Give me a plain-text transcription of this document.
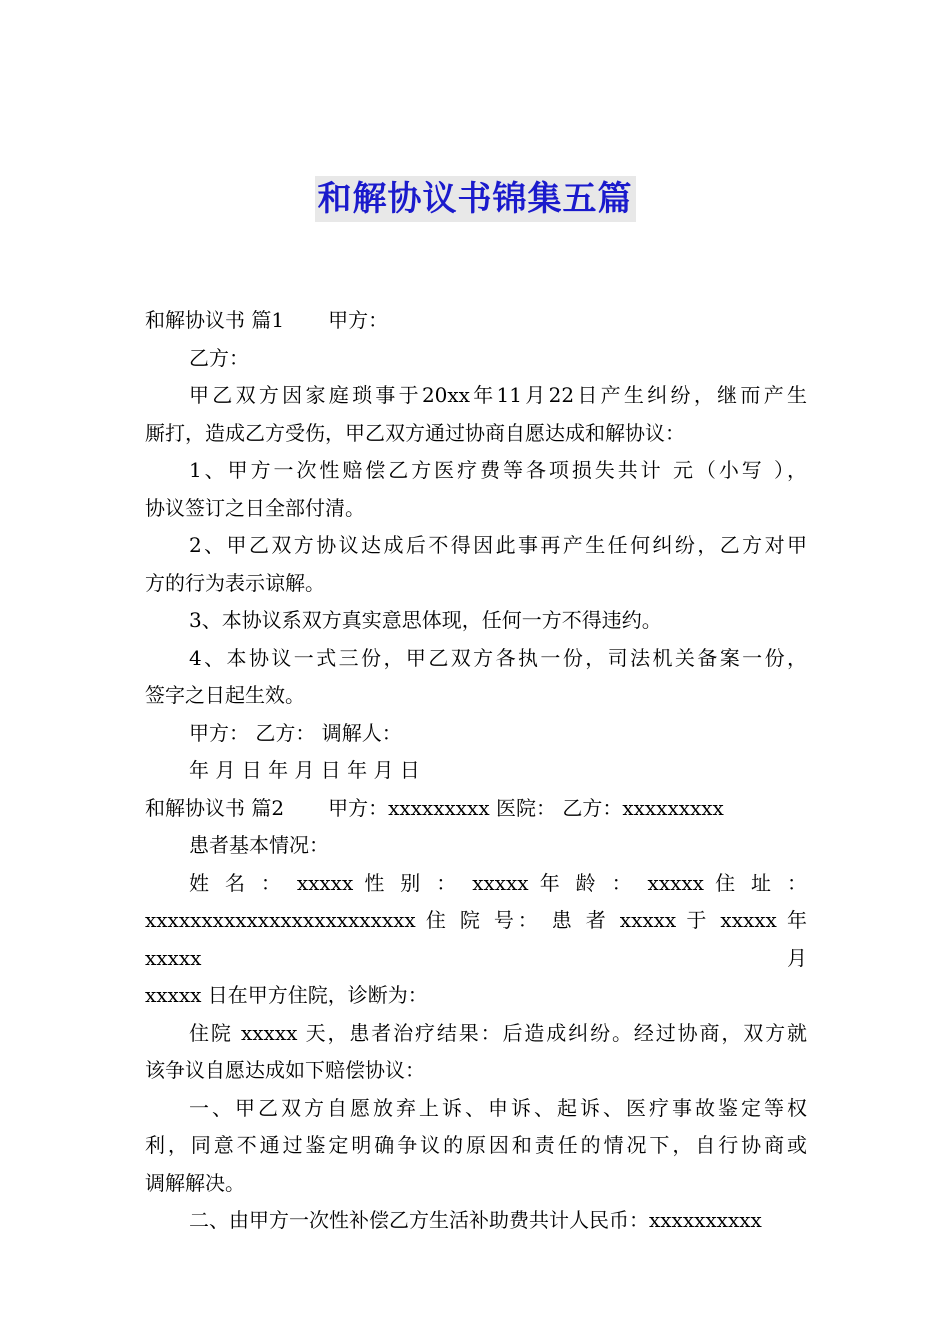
和解协议书锦集五篇

和解协议书 篇1 甲方：

乙方：

甲乙双方因家庭琐事于20xx年11月22日产生纠纷，继而产生

厮打，造成乙方受伤，甲乙双方通过协商自愿达成和解协议：

1、甲方一次性赔偿乙方医疗费等各项损失共计 元（小写 ），

协议签订之日全部付清。

2、甲乙双方协议达成后不得因此事再产生任何纠纷，乙方对甲

方的行为表示谅解。

3、本协议系双方真实意思体现，任何一方不得违约。

4、本协议一式三份，甲乙双方各执一份，司法机关备案一份，

签字之日起生效。

甲方： 乙方： 调解人：

年 月 日 年 月 日 年 月 日

和解协议书 篇2 甲方：xxxxxxxxx 医院： 乙方：xxxxxxxxx

患者基本情况：

姓 名 ： xxxxx 性 别 ： xxxxx 年 龄 ： xxxxx 住 址 ：

xxxxxxxxxxxxxxxxxxxxxxxx 住 院 号： 患 者 xxxxx 于 xxxxx 年 xxxxx 月

xxxxx 日在甲方住院，诊断为：

住院 xxxxx 天，患者治疗结果：后造成纠纷。经过协商，双方就

该争议自愿达成如下赔偿协议：

一、甲乙双方自愿放弃上诉、申诉、起诉、医疗事故鉴定等权

利，同意不通过鉴定明确争议的原因和责任的情况下，自行协商或

调解解决。

二、由甲方一次性补偿乙方生活补助费共计人民币：xxxxxxxxxx
